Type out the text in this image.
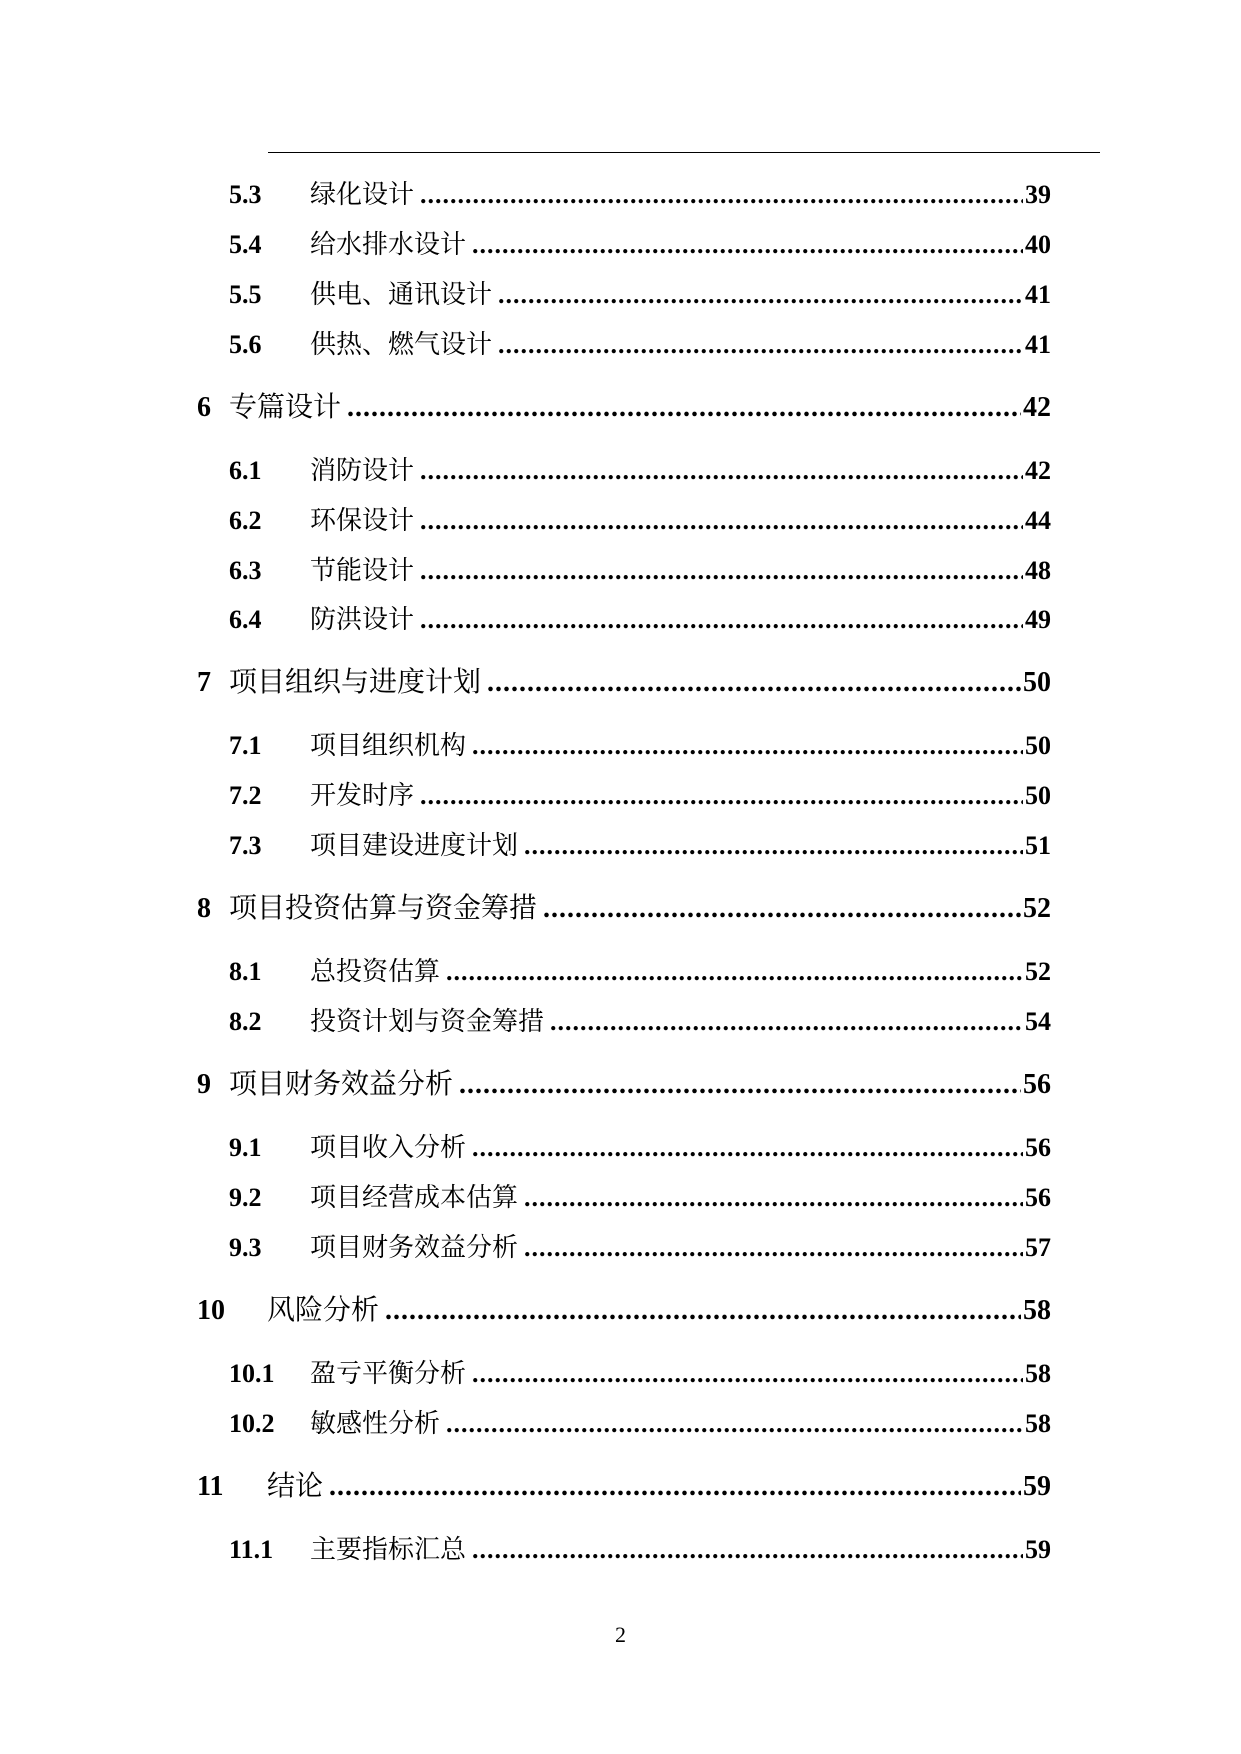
5.3	绿化设计 .....	39
5.4	给水排水设计 .....	40
5.5	供电、通讯设计 .....	41
5.6	供热、燃气设计 .....	41
6 专篇设计 .....	42
6.1	消防设计 .....	42
6.2	环保设计 .....	44
6.3	节能设计 .....	48
6.4	防洪设计 .....	49
7 项目组织与进度计划 .....	50
7.1	项目组织机构 .....	50
7.2	开发时序 .....	50
7.3	项目建设进度计划 .....	51
8 项目投资估算与资金筹措 .....	52
8.1	总投资估算 .....	52
8.2	投资计划与资金筹措 .....	54
9 项目财务效益分析 .....	56
9.1	项目收入分析 .....	56
9.2	项目经营成本估算 .....	56
9.3	项目财务效益分析 .....	57
10	风险分析 .....	58
10.1	盈亏平衡分析 .....	58
10.2	敏感性分析 .....	58
11	结论 .....	59
11.1	主要指标汇总 .....	59
2
